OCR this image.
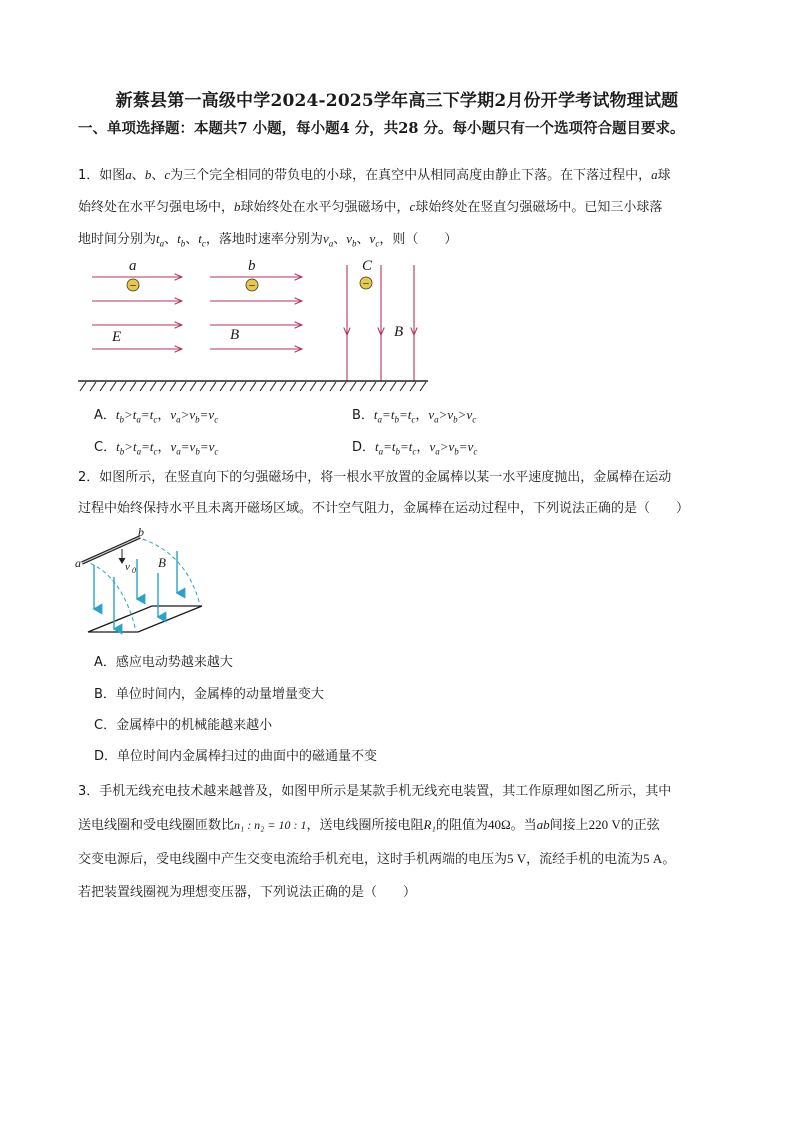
新蔡县第一高级中学2024-2025学年高三下学期2月份开学考试物理试题
一、单项选择题：本题共7 小题，每小题4 分，共28 分。每小题只有一个选项符合题目要求。
1．如图a、b、c为三个完全相同的带负电的小球，在真空中从相同高度由静止下落。在下落过程中，a球
始终处在水平匀强电场中，b球始终处在水平匀强磁场中，c球始终处在竖直匀强磁场中。已知三小球落
地时间分别为$t_a$、$t_b$、$t_c$，落地时速率分别为$v_a$、$v_b$、$v_c$，则（　　）
−	−	−
a	b	C
E	B	B
A．$t_b>t_a=t_c$，$v_a>v_b=v_c$	B．$t_a=t_b=t_c$，$v_a>v_b>v_c$
C．$t_b>t_a=t_c$，$v_a=v_b=v_c$	D．$t_a=t_b=t_c$，$v_a>v_b=v_c$
2．如图所示，在竖直向下的匀强磁场中，将一根水平放置的金属棒以某一水平速度抛出，金属棒在运动
过程中始终保持水平且未离开磁场区域。不计空气阻力，金属棒在运动过程中，下列说法正确的是（　　）
a
b
v 0
B
A．感应电动势越来越大
B．单位时间内，金属棒的动量增量变大
C．金属棒中的机械能越来越小
D．单位时间内金属棒扫过的曲面中的磁通量不变
3．手机无线充电技术越来越普及，如图甲所示是某款手机无线充电装置，其工作原理如图乙所示，其中
送电线圈和受电线圈匝数比n₁ : n₂ = 10 : 1，送电线圈所接电阻R₁的阻值为40Ω。当ab间接上220 V的正弦
交变电源后，受电线圈中产生交变电流给手机充电，这时手机两端的电压为5 V，流经手机的电流为5 A。
若把装置线圈视为理想变压器，下列说法正确的是（　　）
